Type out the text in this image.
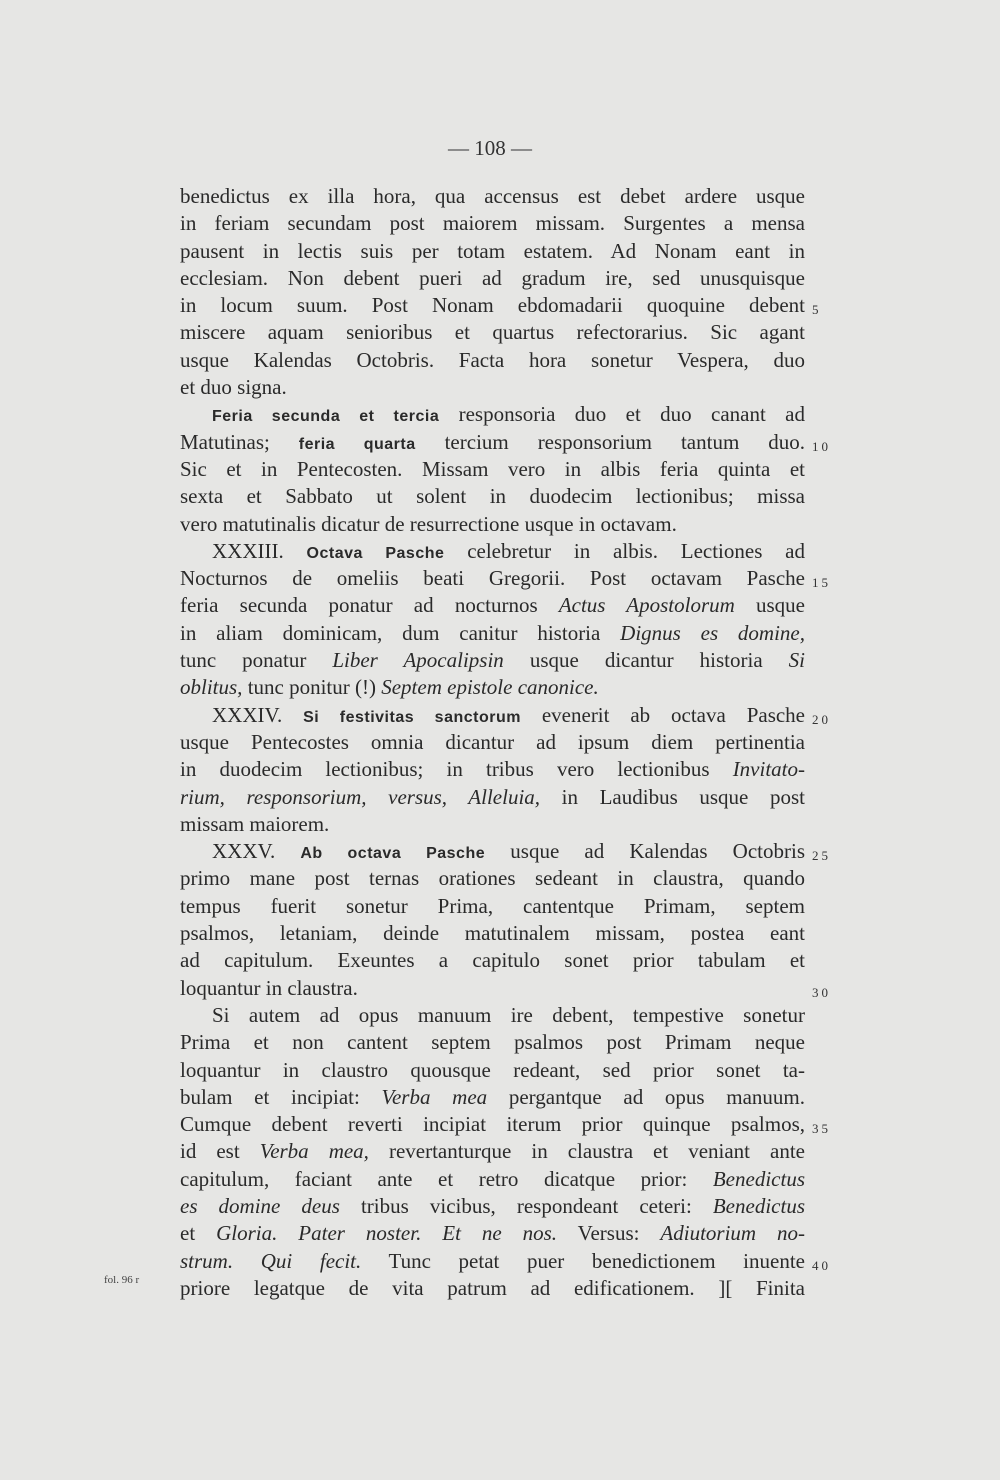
— 108 —
benedictus ex illa hora, qua accensus est debet ardere usque
in feriam secundam post maiorem missam. Surgentes a mensa
pausent in lectis suis per totam estatem. Ad Nonam eant in
ecclesiam. Non debent pueri ad gradum ire, sed unusquisque
in locum suum. Post Nonam ebdomadarii quoquine debent
miscere aquam senioribus et quartus refectorarius. Sic agant
usque Kalendas Octobris. Facta hora sonetur Vespera, duo
et duo signa.
Feria secunda et tercia responsoria duo et duo canant ad
Matutinas; feria quarta tercium responsorium tantum duo.
Sic et in Pentecosten. Missam vero in albis feria quinta et
sexta et Sabbato ut solent in duodecim lectionibus; missa
vero matutinalis dicatur de resurrectione usque in octavam.
XXXIII. Octava Pasche celebretur in albis. Lectiones ad
Nocturnos de omeliis beati Gregorii. Post octavam Pasche
feria secunda ponatur ad nocturnos Actus Apostolorum usque
in aliam dominicam, dum canitur historia Dignus es domine,
tunc ponatur Liber Apocalipsin usque dicantur historia Si
oblitus, tunc ponitur (!) Septem epistole canonice.
XXXIV. Si festivitas sanctorum evenerit ab octava Pasche
usque Pentecostes omnia dicantur ad ipsum diem pertinentia
in duodecim lectionibus; in tribus vero lectionibus Invitato-
rium, responsorium, versus, Alleluia, in Laudibus usque post
missam maiorem.
XXXV. Ab octava Pasche usque ad Kalendas Octobris
primo mane post ternas orationes sedeant in claustra, quando
tempus fuerit sonetur Prima, cantentque Primam, septem
psalmos, letaniam, deinde matutinalem missam, postea eant
ad capitulum. Exeuntes a capitulo sonet prior tabulam et
loquantur in claustra.
Si autem ad opus manuum ire debent, tempestive sonetur
Prima et non cantent septem psalmos post Primam neque
loquantur in claustro quousque redeant, sed prior sonet ta-
bulam et incipiat: Verba mea pergantque ad opus manuum.
Cumque debent reverti incipiat iterum prior quinque psalmos,
id est Verba mea, revertanturque in claustra et veniant ante
capitulum, faciant ante et retro dicatque prior: Benedictus
es domine deus tribus vicibus, respondeant ceteri: Benedictus
et Gloria. Pater noster. Et ne nos. Versus: Adiutorium no-
strum. Qui fecit. Tunc petat puer benedictionem inuente
priore legatque de vita patrum ad edificationem. ][ Finita
5
10
15
20
25
30
35
40
fol. 96 r
